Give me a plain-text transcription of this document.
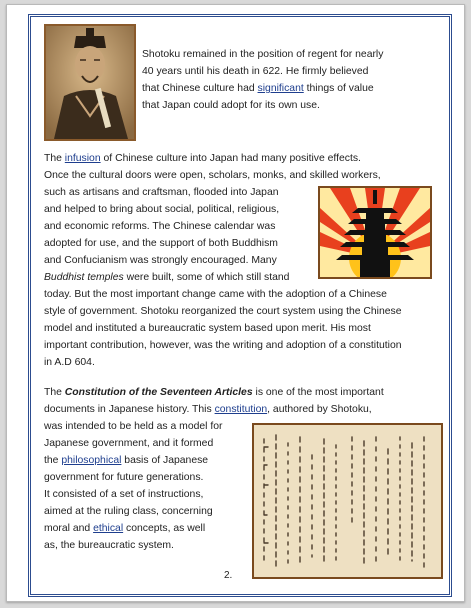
Shotoku remained in the position of regent for nearly
40 years until his death in 622. He firmly believed
that Chinese culture had significant things of value
that Japan could adopt for its own use.
The infusion of Chinese culture into Japan had many positive effects.
Once the cultural doors were open, scholars, monks, and skilled workers,
such as artisans and craftsman, flooded into Japan
and helped to bring about social, political, religious,
and economic reforms. The Chinese calendar was
adopted for use, and the support of both Buddhism
and Confucianism was strongly encouraged. Many
Buddhist temples were built, some of which still stand
today. But the most important change came with the adoption of a Chinese
style of government. Shotoku reorganized the court system using the Chinese
model and instituted a bureaucratic system based upon merit. His most
important contribution, however, was the writing and adoption of a constitution
in A.D 604.
The Constitution of the Seventeen Articles is one of the most important
documents in Japanese history. This constitution, authored by Shotoku,
was intended to be held as a model for
Japanese government, and it formed
the philosophical basis of Japanese
government for future generations.
It consisted of a set of instructions,
aimed at the ruling class, concerning
moral and ethical concepts, as well
as, the bureaucratic system.
2.
